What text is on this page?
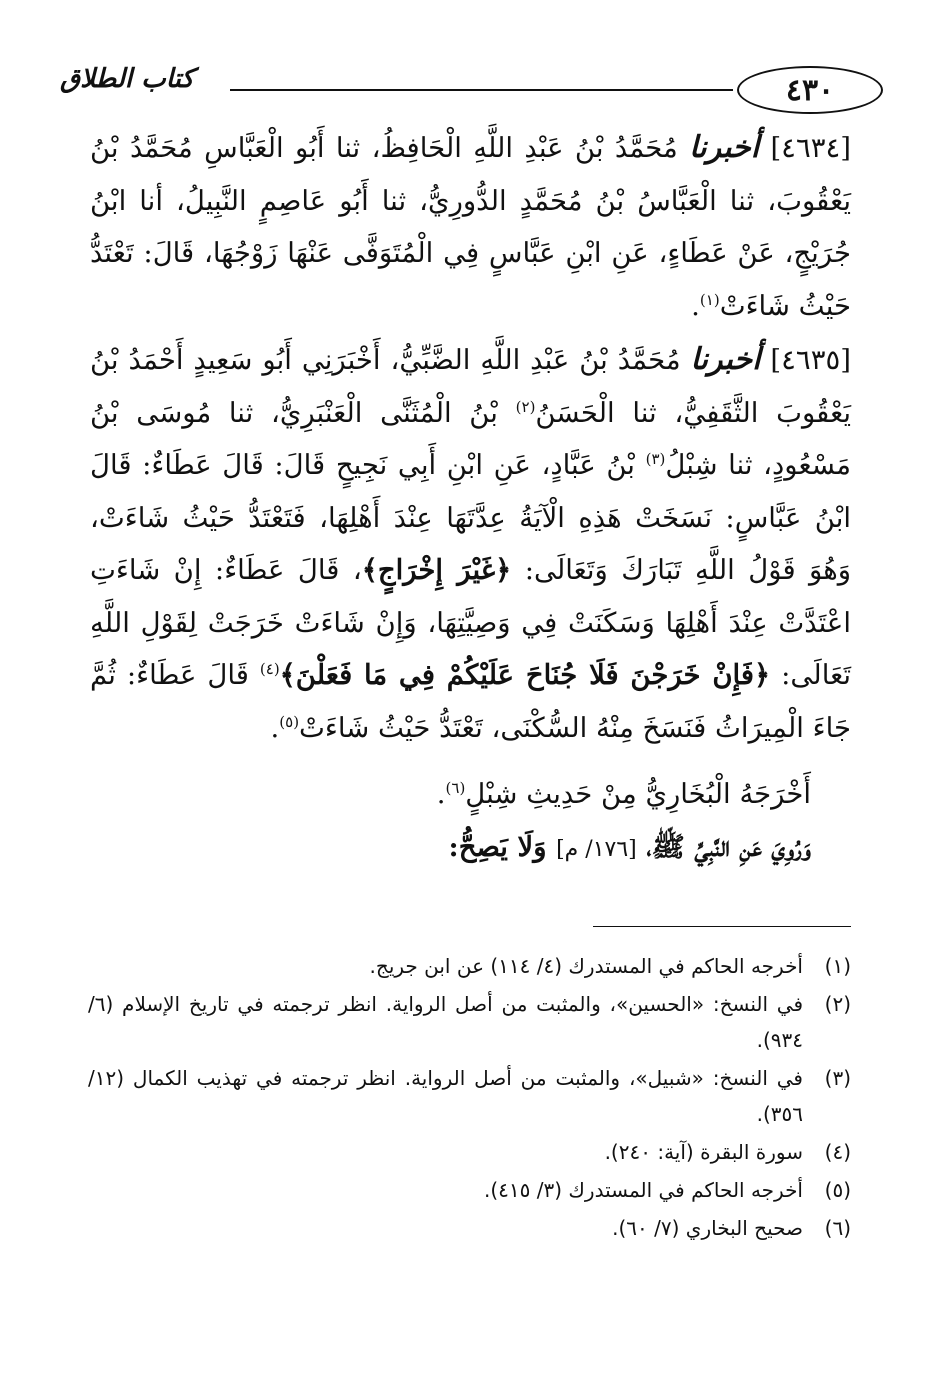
٤٣٠
كتاب الطلاق

[٤٦٣٤] أخبرنا مُحَمَّدُ بْنُ عَبْدِ اللَّهِ الْحَافِظُ، ثنا أَبُو الْعَبَّاسِ مُحَمَّدُ بْنُ يَعْقُوبَ، ثنا الْعَبَّاسُ بْنُ مُحَمَّدٍ الدُّورِيُّ، ثنا أَبُو عَاصِمٍ النَّبِيلُ، أنا ابْنُ جُرَيْجٍ، عَنْ عَطَاءٍ، عَنِ ابْنِ عَبَّاسٍ فِي الْمُتَوَفَّى عَنْهَا زَوْجُهَا، قَالَ: تَعْتَدُّ حَيْثُ شَاءَتْ$^{(١)}$.

[٤٦٣٥] أخبرنا مُحَمَّدُ بْنُ عَبْدِ اللَّهِ الضَّبِّيُّ، أَخْبَرَنِي أَبُو سَعِيدٍ أَحْمَدُ بْنُ يَعْقُوبَ الثَّقَفِيُّ، ثنا الْحَسَنُ$^{(٢)}$ بْنُ الْمُثَنَّى الْعَنْبَرِيُّ، ثنا مُوسَى بْنُ مَسْعُودٍ، ثنا شِبْلُ$^{(٣)}$ بْنُ عَبَّادٍ، عَنِ ابْنِ أَبِي نَجِيحٍ قَالَ: قَالَ عَطَاءٌ: قَالَ ابْنُ عَبَّاسٍ: نَسَخَتْ هَذِهِ الْآيَةُ عِدَّتَهَا عِنْدَ أَهْلِهَا، فَتَعْتَدُّ حَيْثُ شَاءَتْ، وَهُوَ قَوْلُ اللَّهِ تَبَارَكَ وَتَعَالَى: ﴿غَيْرَ إِخْرَاجٍ﴾، قَالَ عَطَاءٌ: إِنْ شَاءَتِ اعْتَدَّتْ عِنْدَ أَهْلِهَا وَسَكَنَتْ فِي وَصِيَّتِهَا، وَإِنْ شَاءَتْ خَرَجَتْ لِقَوْلِ اللَّهِ تَعَالَى: ﴿فَإِنْ خَرَجْنَ فَلَا جُنَاحَ عَلَيْكُمْ فِي مَا فَعَلْنَ﴾$^{(٤)}$ قَالَ عَطَاءٌ: ثُمَّ جَاءَ الْمِيرَاثُ فَنَسَخَ مِنْهُ السُّكْنَى، تَعْتَدُّ حَيْثُ شَاءَتْ$^{(٥)}$.

أَخْرَجَهُ الْبُخَارِيُّ مِنْ حَدِيثِ شِبْلٍ$^{(٦)}$.

وَرُوِيَ عَنِ النَّبِيِّ ﷺ، [١٧٦/ م] وَلَا يَصِحُّ:

(١)
أخرجه الحاكم في المستدرك (٤/ ١١٤) عن ابن جريج.
(٢)
في النسخ: «الحسين»، والمثبت من أصل الرواية. انظر ترجمته في تاريخ الإسلام (٦/ ٩٣٤).
(٣)
في النسخ: «شبيل»، والمثبت من أصل الرواية. انظر ترجمته في تهذيب الكمال (١٢/ ٣٥٦).
(٤)
سورة البقرة (آية: ٢٤٠).
(٥)
أخرجه الحاكم في المستدرك (٣/ ٤١٥).
(٦)
صحيح البخاري (٧/ ٦٠).
